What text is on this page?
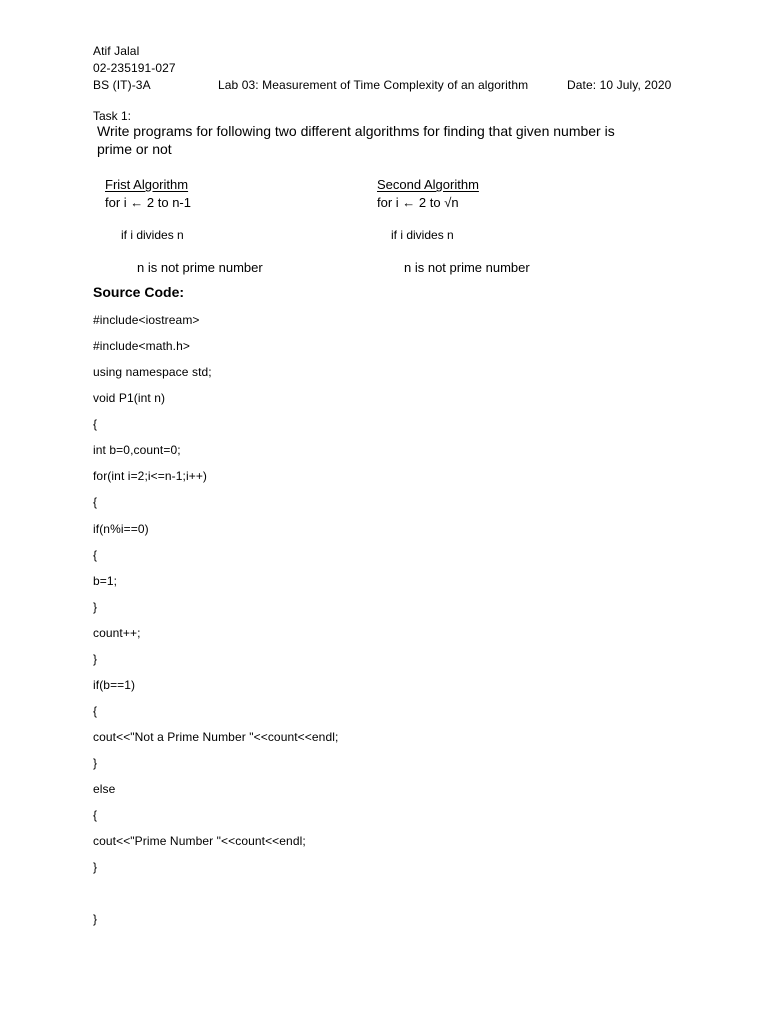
Atif Jalal
02-235191-027
BS (IT)-3A	Lab 03: Measurement of Time Complexity of an algorithm	Date: 10 July, 2020
Task 1:
Write programs for following two different algorithms for finding that given number is
prime or not
Frist Algorithm
for i ← 2 to n-1
if i divides n
n is not prime number
Second Algorithm
for i ← 2 to √n
if i divides n
n is not prime number
Source Code:
#include<iostream>
#include<math.h>
using namespace std;
void P1(int n)
{
int b=0,count=0;
for(int i=2;i<=n-1;i++)
{
if(n%i==0)
{
b=1;
}
count++;
}
if(b==1)
{
cout<<"Not a Prime Number "<<count<<endl;
}
else
{
cout<<"Prime Number "<<count<<endl;
}
}
